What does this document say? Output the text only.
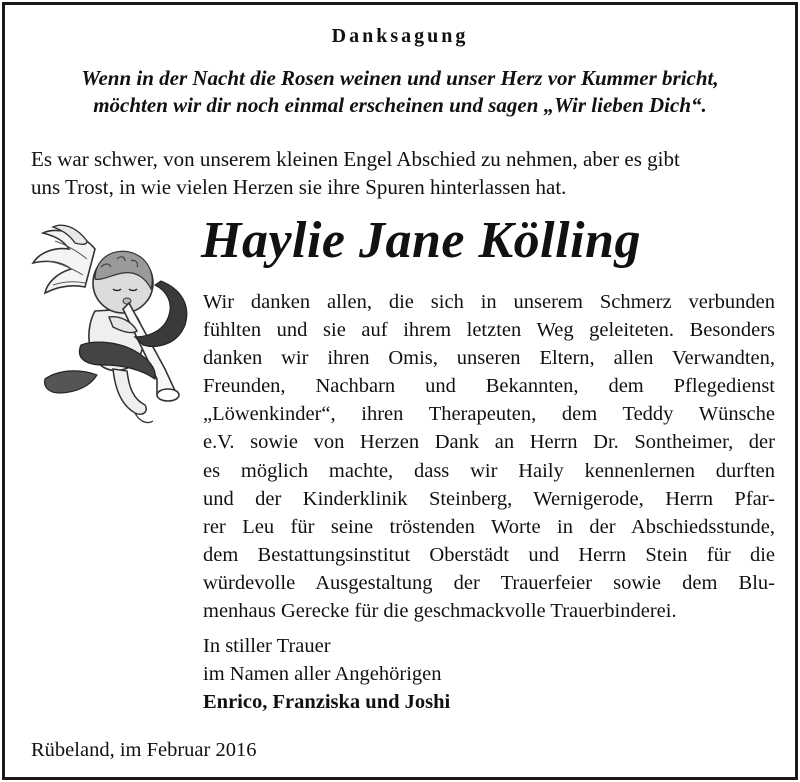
Danksagung
Wenn in der Nacht die Rosen weinen und unser Herz vor Kummer bricht,
möchten wir dir noch einmal erscheinen und sagen „Wir lieben Dich“.
Es war schwer, von unserem kleinen Engel Abschied zu nehmen, aber es gibt
uns Trost, in wie vielen Herzen sie ihre Spuren hinterlassen hat.
Haylie Jane Kölling
Wir danken allen, die sich in unserem Schmerz verbunden
fühlten und sie auf ihrem letzten Weg geleiteten. Besonders
danken wir ihren Omis, unseren Eltern, allen Verwandten,
Freunden, Nachbarn und Bekannten, dem Pflegedienst
„Löwenkinder“, ihren Therapeuten, dem Teddy Wünsche
e.V. sowie von Herzen Dank an Herrn Dr. Sontheimer, der
es möglich machte, dass wir Haily kennenlernen durften
und der Kinderklinik Steinberg, Wernigerode, Herrn Pfar-
rer Leu für seine tröstenden Worte in der Abschiedsstunde,
dem Bestattungsinstitut Oberstädt und Herrn Stein für die
würdevolle Ausgestaltung der Trauerfeier sowie dem Blu-
menhaus Gerecke für die geschmackvolle Trauerbinderei.
In stiller Trauer
im Namen aller Angehörigen
Enrico, Franziska und Joshi
Rübeland, im Februar 2016
